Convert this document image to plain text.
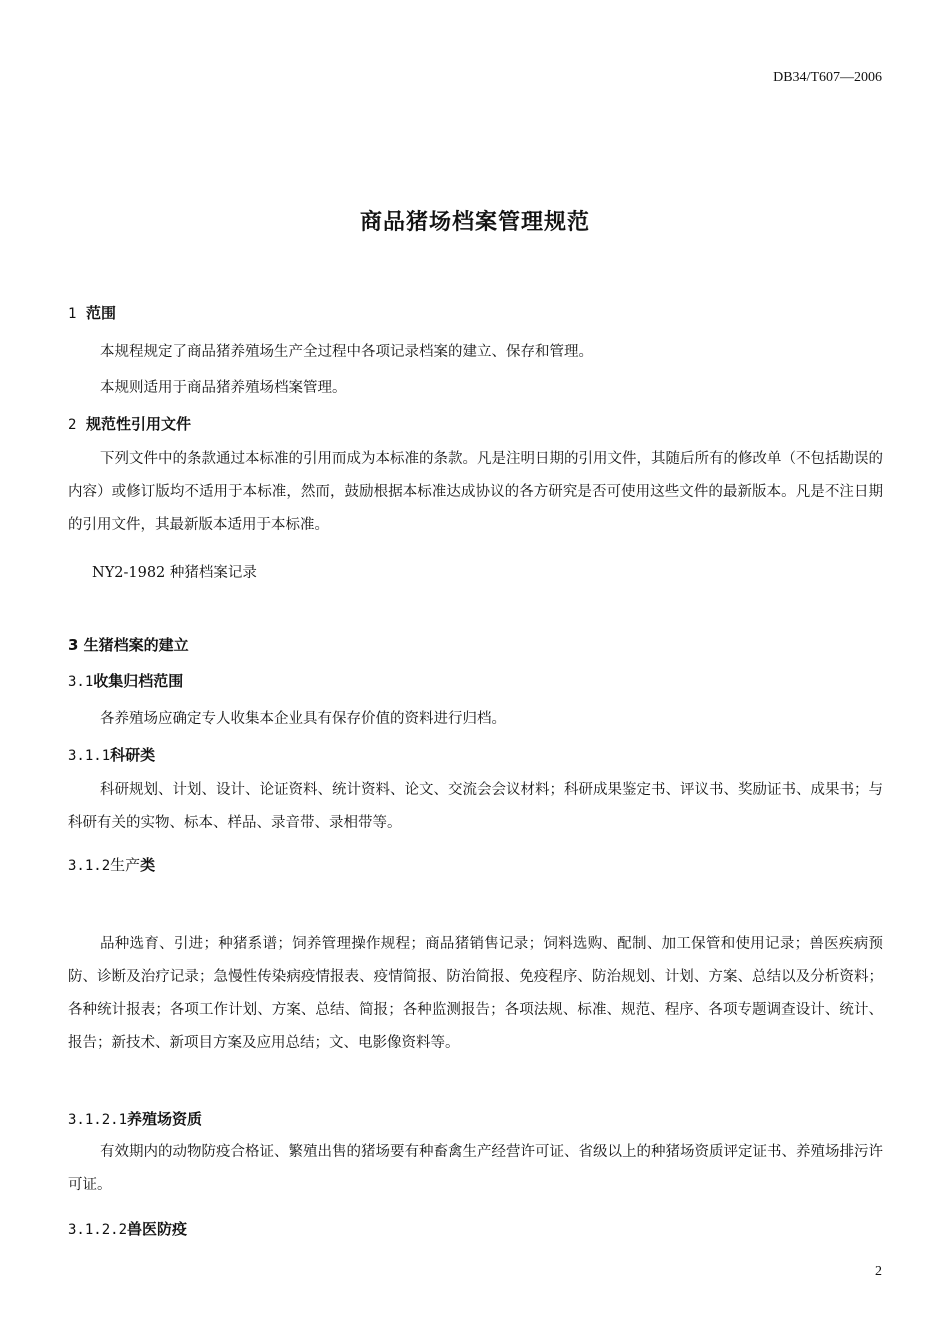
DB34/T607—2006
商品猪场档案管理规范
1 范围
本规程规定了商品猪养殖场生产全过程中各项记录档案的建立、保存和管理。
本规则适用于商品猪养殖场档案管理。
2 规范性引用文件
下列文件中的条款通过本标准的引用而成为本标准的条款。凡是注明日期的引用文件，其随后所有的修改单（不包括勘误的内容）或修订版均不适用于本标准，然而，鼓励根据本标准达成协议的各方研究是否可使用这些文件的最新版本。凡是不注日期的引用文件，其最新版本适用于本标准。
NY2-1982 种猪档案记录
3 生猪档案的建立
3.1收集归档范围
各养殖场应确定专人收集本企业具有保存价值的资料进行归档。
3.1.1科研类
科研规划、计划、设计、论证资料、统计资料、论文、交流会会议材料；科研成果鉴定书、评议书、奖励证书、成果书；与科研有关的实物、标本、样品、录音带、录相带等。
3.1.2生产类
品种选育、引进；种猪系谱；饲养管理操作规程；商品猪销售记录；饲料选购、配制、加工保管和使用记录；兽医疾病预防、诊断及治疗记录；急慢性传染病疫情报表、疫情简报、防治简报、免疫程序、防治规划、计划、方案、总结以及分析资料；各种统计报表；各项工作计划、方案、总结、简报；各种监测报告；各项法规、标准、规范、程序、各项专题调查设计、统计、报告；新技术、新项目方案及应用总结；文、电影像资料等。
3.1.2.1养殖场资质
有效期内的动物防疫合格证、繁殖出售的猪场要有种畜禽生产经营许可证、省级以上的种猪场资质评定证书、养殖场排污许可证。
3.1.2.2兽医防疫
2
